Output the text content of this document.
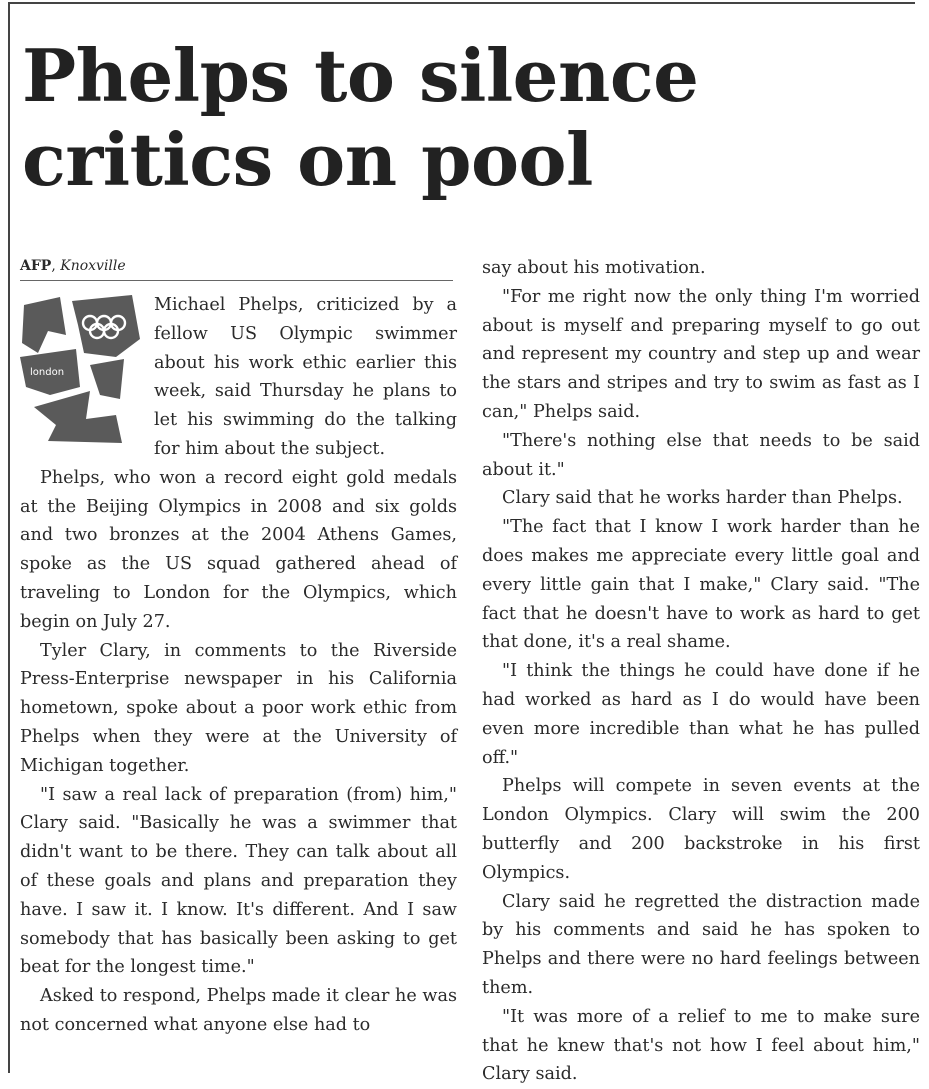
Phelps to silence critics on pool
AFP, Knoxville
london

Michael Phelps, criticized by a fellow US Olympic swimmer about his work ethic earlier this week, said Thursday he plans to let his swimming do the talking for him about the subject.

Phelps, who won a record eight gold medals at the Beijing Olympics in 2008 and six golds and two bronzes at the 2004 Athens Games, spoke as the US squad gathered ahead of traveling to London for the Olympics, which begin on July 27.

Tyler Clary, in comments to the Riverside Press-Enterprise newspaper in his California hometown, spoke about a poor work ethic from Phelps when they were at the University of Michigan together.

"I saw a real lack of preparation (from) him," Clary said. "Basically he was a swimmer that didn't want to be there. They can talk about all of these goals and plans and preparation they have. I saw it. I know. It's different. And I saw somebody that has basically been asking to get beat for the longest time."

Asked to respond, Phelps made it clear he was not concerned what anyone else had to

say about his motivation.

"For me right now the only thing I'm worried about is myself and preparing myself to go out and represent my country and step up and wear the stars and stripes and try to swim as fast as I can," Phelps said.

"There's nothing else that needs to be said about it."

Clary said that he works harder than Phelps.

"The fact that I know I work harder than he does makes me appreciate every little goal and every little gain that I make," Clary said. "The fact that he doesn't have to work as hard to get that done, it's a real shame.

"I think the things he could have done if he had worked as hard as I do would have been even more incredible than what he has pulled off."

Phelps will compete in seven events at the London Olympics. Clary will swim the 200 butterfly and 200 backstroke in his first Olympics.

Clary said he regretted the distraction made by his comments and said he has spoken to Phelps and there were no hard feelings between them.

"It was more of a relief to me to make sure that he knew that's not how I feel about him," Clary said.
